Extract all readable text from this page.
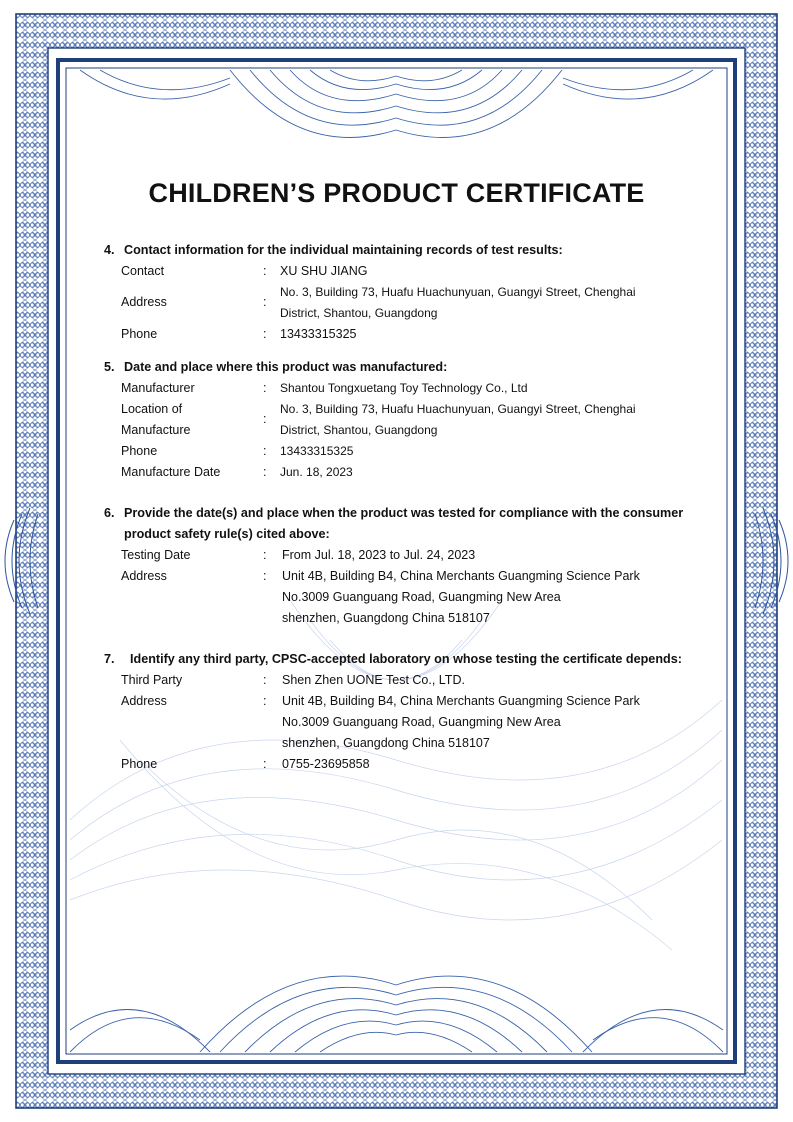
CHILDREN’S PRODUCT CERTIFICATE
4. Contact information for the individual maintaining records of test results:
Contact	: XU SHU JIANG
Address	:
No. 3, Building 73, Huafu Huachunyuan, Guangyi Street, Chenghai
District, Shantou, Guangdong
Phone	: 13433315325
5. Date and place where this product was manufactured:
Manufacturer	: Shantou Tongxuetang Toy Technology Co., Ltd
Location of
Manufacture
:
No. 3, Building 73, Huafu Huachunyuan, Guangyi Street, Chenghai
District, Shantou, Guangdong
Phone	: 13433315325
Manufacture Date	: Jun. 18, 2023
6. Provide the date(s) and place when the product was tested for compliance with the consumer
product safety rule(s) cited above:
Testing Date	: From Jul. 18, 2023 to Jul. 24, 2023
Address	: Unit 4B, Building B4, China Merchants Guangming Science Park
No.3009 Guanguang Road, Guangming New Area
shenzhen, Guangdong China 518107
7.	Identify any third party, CPSC-accepted laboratory on whose testing the certificate depends:
Third Party	: Shen Zhen UONE Test Co., LTD.
Address	: Unit 4B, Building B4, China Merchants Guangming Science Park
No.3009 Guanguang Road, Guangming New Area
shenzhen, Guangdong China 518107
Phone	: 0755-23695858
